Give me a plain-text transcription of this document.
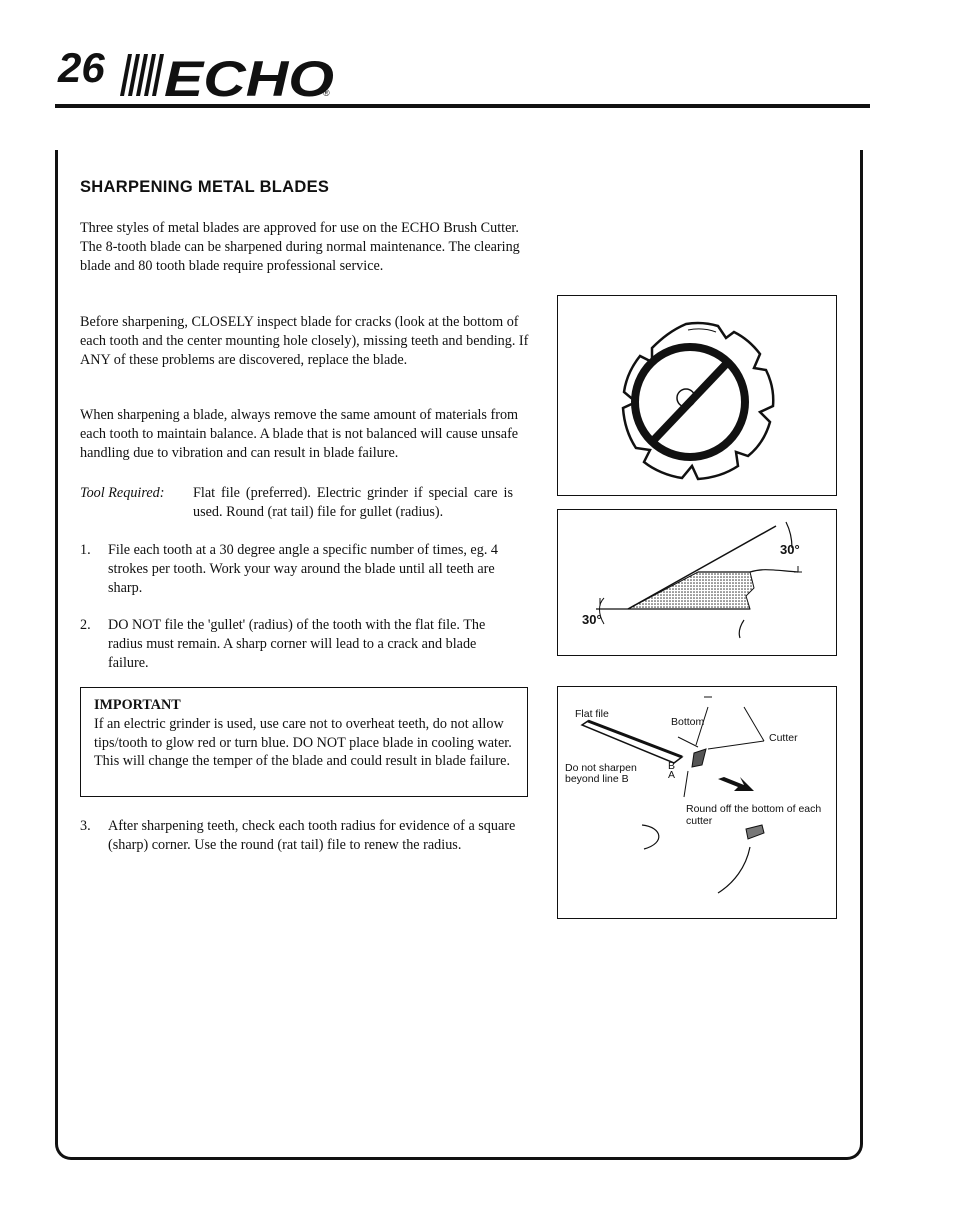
26 ECHO
®
SHARPENING METAL BLADES

Three styles of metal blades are approved for use on the ECHO Brush Cutter. The 8-tooth blade can be sharpened during normal maintenance. The clearing blade and 80 tooth blade require professional service.

Before sharpening, CLOSELY inspect blade for cracks (look at the bottom of each tooth and the center mounting hole closely), missing teeth and bending. If ANY of these problems are discovered, replace the blade.

When sharpening a blade, always remove the same amount of materials from each tooth to maintain balance. A blade that is not balanced will cause unsafe handling due to vibration and can result in blade failure.

Tool Required: Flat file (preferred). Electric grinder if special care is used. Round (rat tail) file for gullet (radius).
1. File each tooth at a 30 degree angle a specific number of times, eg. 4 strokes per tooth. Work your way around the blade until all teeth are sharp.
2. DO NOT file the 'gullet' (radius) of the tooth with the flat file. The radius must remain. A sharp corner will lead to a crack and blade failure.
IMPORTANT
If an electric grinder is used, use care not to overheat teeth, do not allow tips/tooth to glow red or turn blue. DO NOT place blade in cooling water. This will change the temper of the blade and could result in blade failure.
3. After sharpening teeth, check each tooth radius for evidence of a square (sharp) corner. Use the round (rat tail) file to renew the radius.
30°
30°
Flat file
Bottom
Cutter
Do not sharpen beyond line B
B
A
Round off the bottom of each cutter
